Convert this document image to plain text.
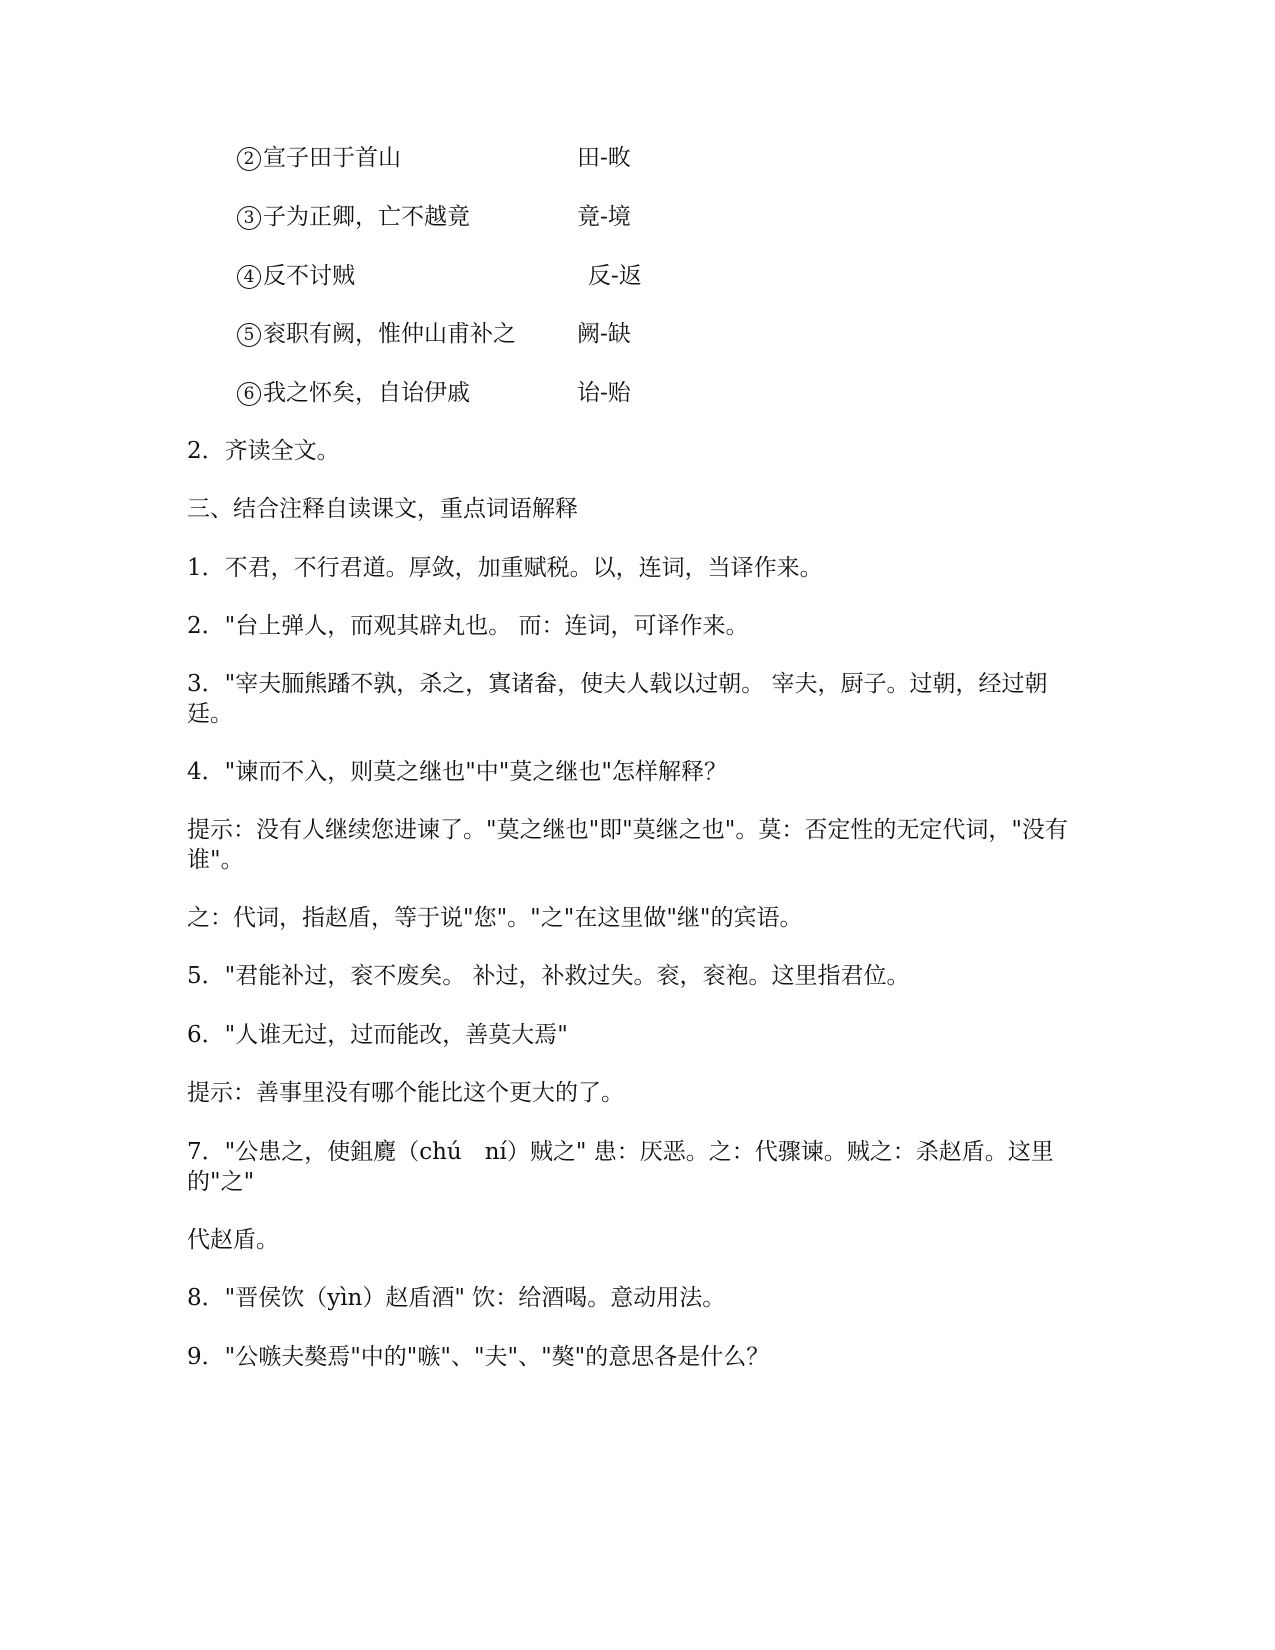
2 宣子田于首山	田-畋
3 子为正卿，亡不越竟	竟-境
4 反不讨贼	反-返
5 衮职有阙，惟仲山甫补之	阙-缺
6 我之怀矣，自诒伊戚	诒-贻
2．齐读全文。
三、结合注释自读课文，重点词语解释
1．不君，不行君道。厚敛，加重赋税。以，连词，当译作来。
2．"台上弹人，而观其辟丸也。 而：连词，可译作来。
3．"宰夫胹熊蹯不孰，杀之，寘诸畚，使夫人载以过朝。 宰夫，厨子。过朝，经过朝廷。
4．"谏而不入，则莫之继也"中"莫之继也"怎样解释？
提示：没有人继续您进谏了。"莫之继也"即"莫继之也"。莫：否定性的无定代词，"没有谁"。
之：代词，指赵盾，等于说"您"。"之"在这里做"继"的宾语。
5．"君能补过，衮不废矣。 补过，补救过失。衮，衮袍。这里指君位。
6．"人谁无过，过而能改，善莫大焉"
提示：善事里没有哪个能比这个更大的了。
7．"公患之，使鉏麑（chú　ní）贼之" 患：厌恶。之：代骤谏。贼之：杀赵盾。这里的"之"
代赵盾。
8．"晋侯饮（yìn）赵盾酒" 饮：给酒喝。意动用法。
9．"公嗾夫獒焉"中的"嗾"、"夫"、"獒"的意思各是什么？
